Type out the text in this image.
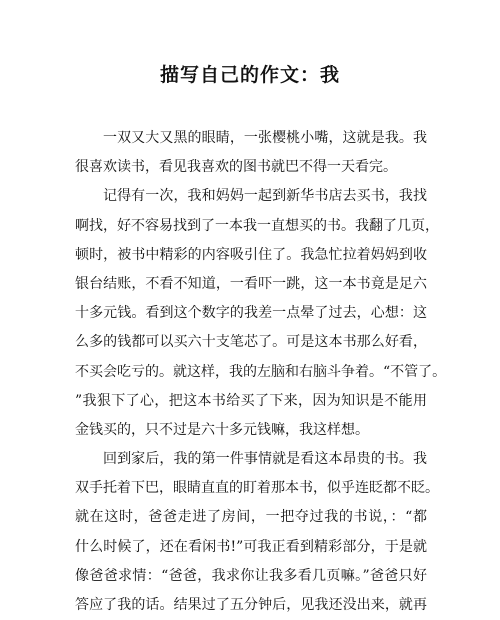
描写自己的作文：我
一双又大又黑的眼睛，一张樱桃小嘴，这就是我。我
很喜欢读书，看见我喜欢的图书就巴不得一天看完。
记得有一次，我和妈妈一起到新华书店去买书，我找
啊找，好不容易找到了一本我一直想买的书。我翻了几页，
顿时，被书中精彩的内容吸引住了。我急忙拉着妈妈到收
银台结账，不看不知道，一看吓一跳，这一本书竟是足六
十多元钱。看到这个数字的我差一点晕了过去，心想：这
么多的钱都可以买六十支笔芯了。可是这本书那么好看，
不买会吃亏的。就这样，我的左脑和右脑斗争着。“不管了。
”我狠下了心，把这本书给买了下来，因为知识是不能用
金钱买的，只不过是六十多元钱嘛，我这样想。
回到家后，我的第一件事情就是看这本昂贵的书。我
双手托着下巴，眼睛直直的盯着那本书，似乎连眨都不眨。
就在这时，爸爸走进了房间，一把夺过我的书说，：“都
什么时候了，还在看闲书!”可我正看到精彩部分，于是就
像爸爸求情：“爸爸，我求你让我多看几页嘛。”爸爸只好
答应了我的话。结果过了五分钟后，见我还没出来，就再
